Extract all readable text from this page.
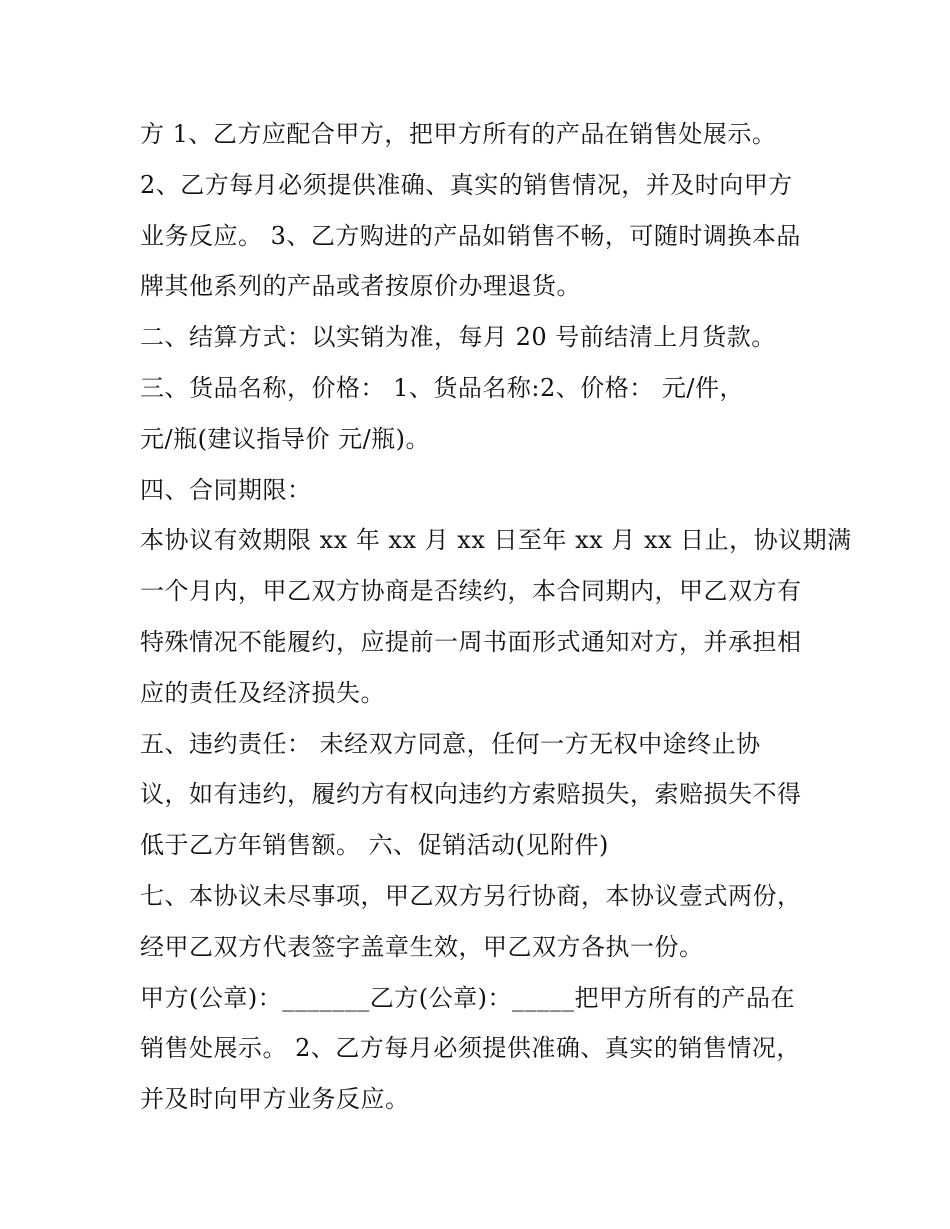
方 1、乙方应配合甲方，把甲方所有的产品在销售处展示。
2、乙方每月必须提供准确、真实的销售情况，并及时向甲方
业务反应。 3、乙方购进的产品如销售不畅，可随时调换本品
牌其他系列的产品或者按原价办理退货。
二、结算方式：以实销为准，每月 20 号前结清上月货款。
三、货品名称，价格： 1、货品名称:2、价格： 元/件，
元/瓶(建议指导价 元/瓶)。
四、合同期限：
本协议有效期限 xx 年 xx 月 xx 日至年 xx 月 xx 日止，协议期满
一个月内，甲乙双方协商是否续约，本合同期内，甲乙双方有
特殊情况不能履约，应提前一周书面形式通知对方，并承担相
应的责任及经济损失。
五、违约责任： 未经双方同意，任何一方无权中途终止协
议，如有违约，履约方有权向违约方索赔损失，索赔损失不得
低于乙方年销售额。 六、促销活动(见附件)
七、本协议未尽事项，甲乙双方另行协商，本协议壹式两份，
经甲乙双方代表签字盖章生效，甲乙双方各执一份。
甲方(公章)：_______乙方(公章)：_____把甲方所有的产品在
销售处展示。 2、乙方每月必须提供准确、真实的销售情况，
并及时向甲方业务反应。
